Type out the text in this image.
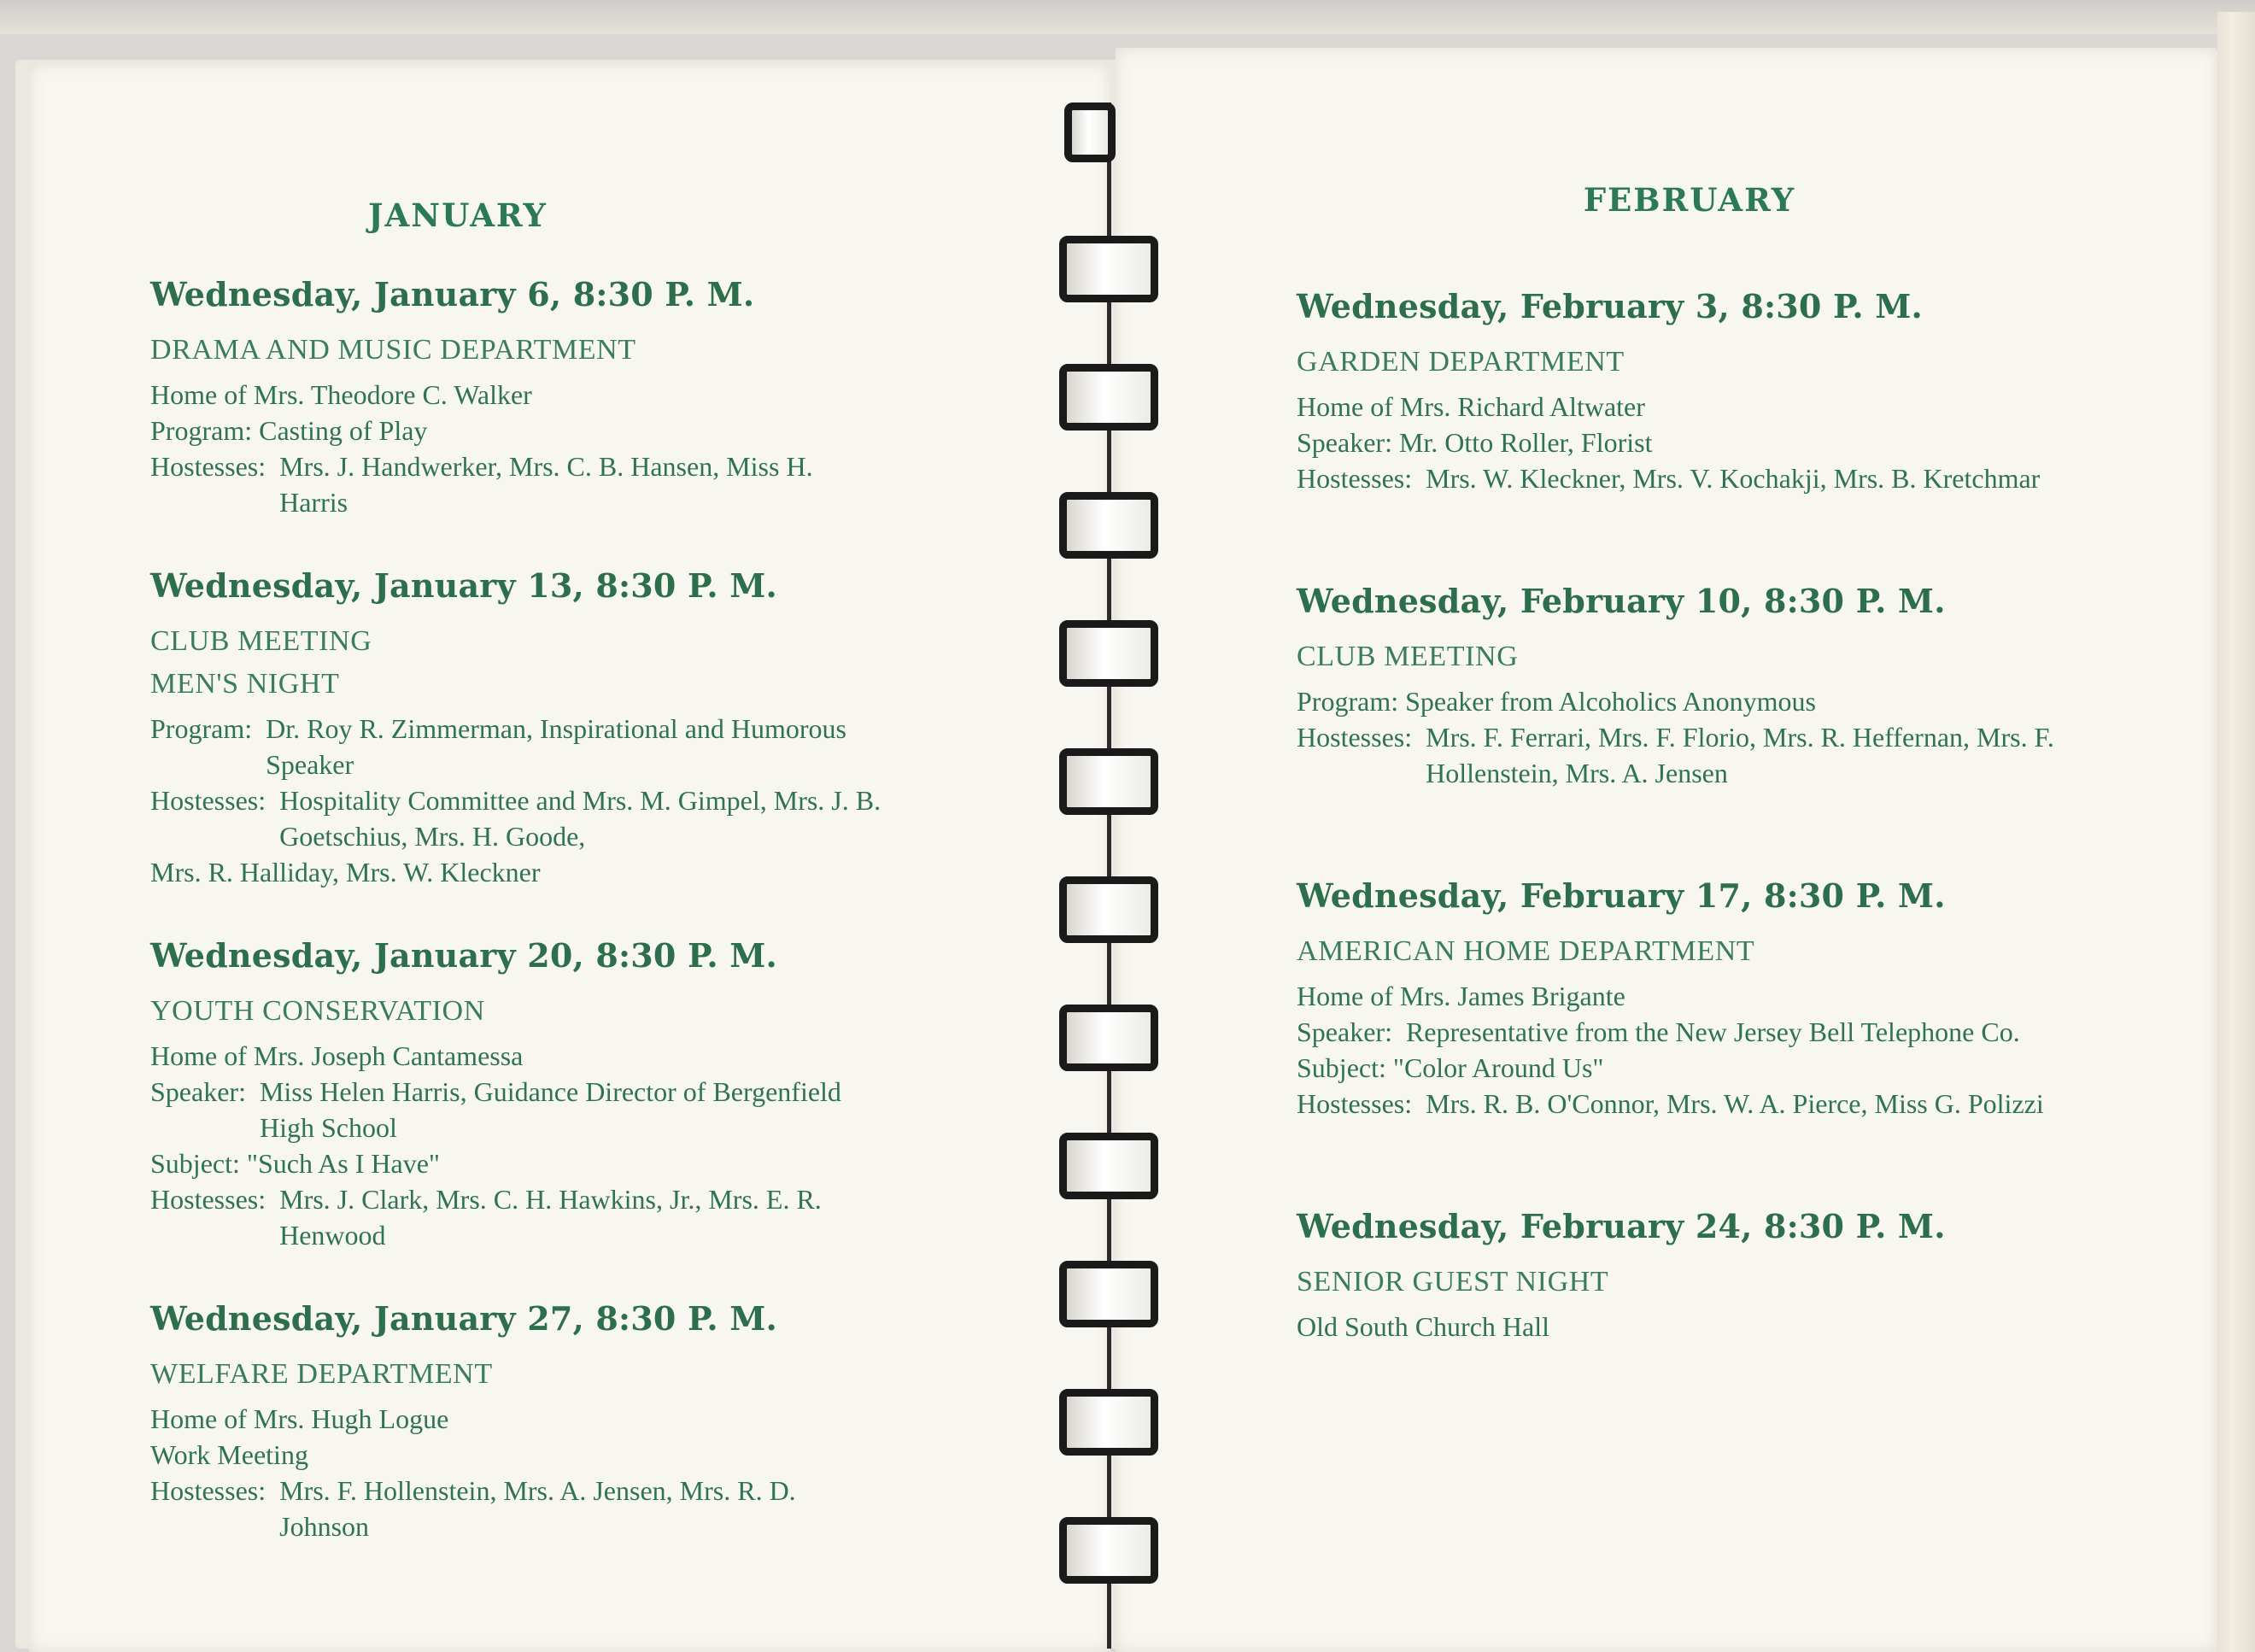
JANUARY
Wednesday, January 6, 8:30 P. M.
DRAMA AND MUSIC DEPARTMENT
Home of Mrs. Theodore C. Walker
Program: Casting of Play
Hostesses: Mrs. J. Handwerker, Mrs. C. B. Hansen, Miss H. Harris
Wednesday, January 13, 8:30 P. M.
CLUB MEETING
MEN'S NIGHT
Program: Dr. Roy R. Zimmerman, Inspirational and Humorous Speaker
Hostesses: Hospitality Committee and Mrs. M. Gimpel, Mrs. J. B. Goetschius, Mrs. H. Goode,
Mrs. R. Halliday, Mrs. W. Kleckner
Wednesday, January 20, 8:30 P. M.
YOUTH CONSERVATION
Home of Mrs. Joseph Cantamessa
Speaker: Miss Helen Harris, Guidance Director of Bergenfield High School
Subject: "Such As I Have"
Hostesses: Mrs. J. Clark, Mrs. C. H. Hawkins, Jr., Mrs. E. R. Henwood
Wednesday, January 27, 8:30 P. M.
WELFARE DEPARTMENT
Home of Mrs. Hugh Logue
Work Meeting
Hostesses: Mrs. F. Hollenstein, Mrs. A. Jensen, Mrs. R. D. Johnson
FEBRUARY
Wednesday, February 3, 8:30 P. M.
GARDEN DEPARTMENT
Home of Mrs. Richard Altwater
Speaker: Mr. Otto Roller, Florist
Hostesses: Mrs. W. Kleckner, Mrs. V. Kochakji, Mrs. B. Kretchmar
Wednesday, February 10, 8:30 P. M.
CLUB MEETING
Program: Speaker from Alcoholics Anonymous
Hostesses: Mrs. F. Ferrari, Mrs. F. Florio, Mrs. R. Heffernan, Mrs. F. Hollenstein, Mrs. A. Jensen
Wednesday, February 17, 8:30 P. M.
AMERICAN HOME DEPARTMENT
Home of Mrs. James Brigante
Speaker: Representative from the New Jersey Bell Telephone Co.
Subject: "Color Around Us"
Hostesses: Mrs. R. B. O'Connor, Mrs. W. A. Pierce, Miss G. Polizzi
Wednesday, February 24, 8:30 P. M.
SENIOR GUEST NIGHT
Old South Church Hall
